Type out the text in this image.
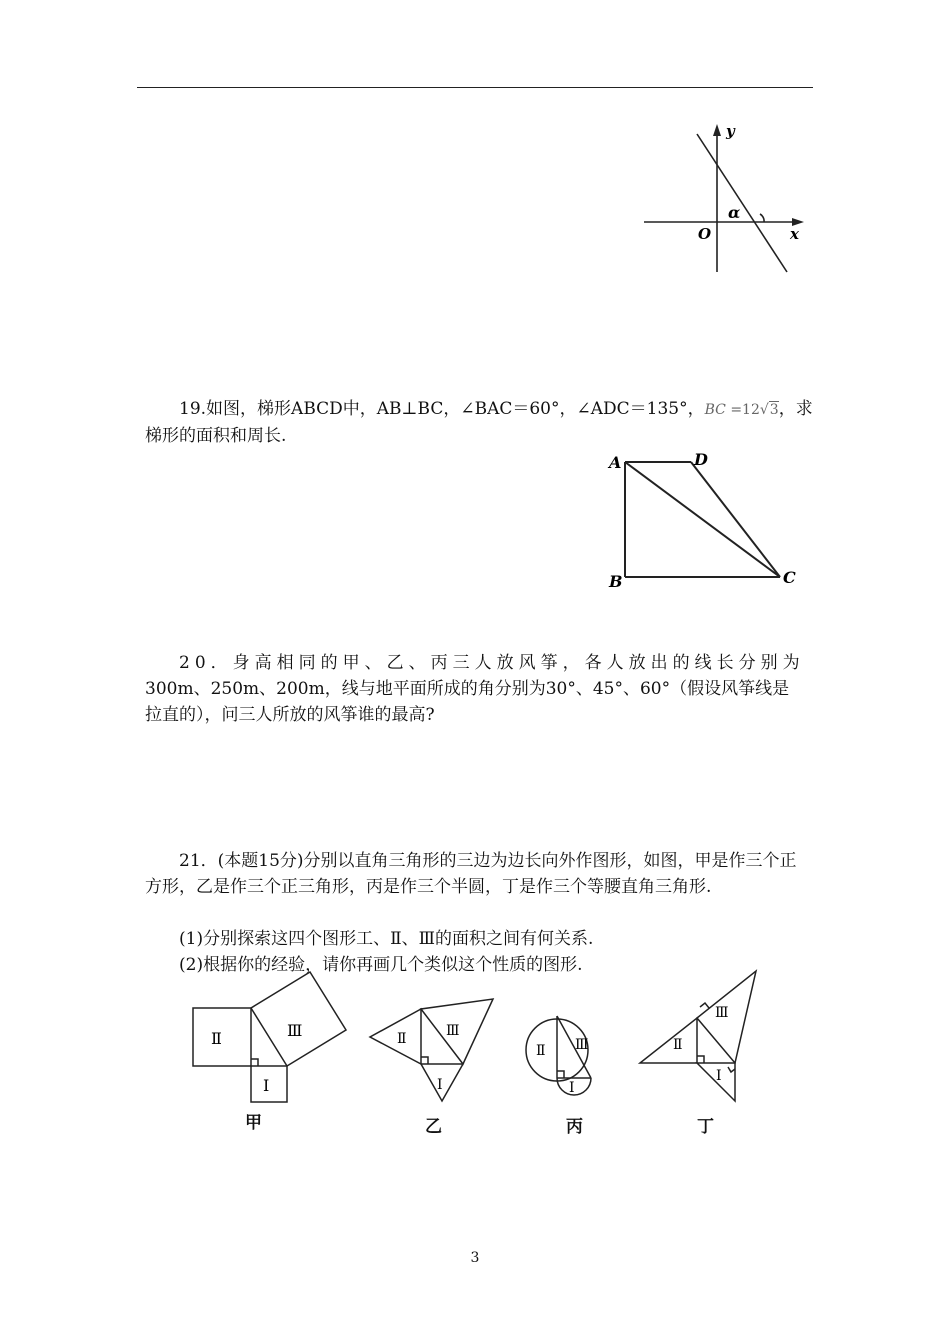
y
x
O
α

19.如图，梯形ABCD中，AB⊥BC，∠BAC＝60°，∠ADC＝135°，BC =12√3，求梯形的面积和周长.

A	D
B	C

20．身高相同的甲、乙、丙三人放风筝，各人放出的线长分别为
300m、250m、200m，线与地平面所成的角分别为30°、45°、60°（假设风筝线是
拉直的），问三人所放的风筝谁的最高?

21．(本题15分)分别以直角三角形的三边为边长向外作图形，如图，甲是作三个正方形，乙是作三个正三角形，丙是作三个半圆，丁是作三个等腰直角三角形.

(1)分别探索这四个图形工、Ⅱ、Ⅲ的面积之间有何关系.

(2)根据你的经验，请你再画几个类似这个性质的图形.

Ⅱ	Ⅲ
Ⅰ
甲
Ⅱ	Ⅲ
Ⅰ
乙
Ⅱ Ⅲ
Ⅰ
丙
Ⅱ
Ⅲ
Ⅰ
丁
3
